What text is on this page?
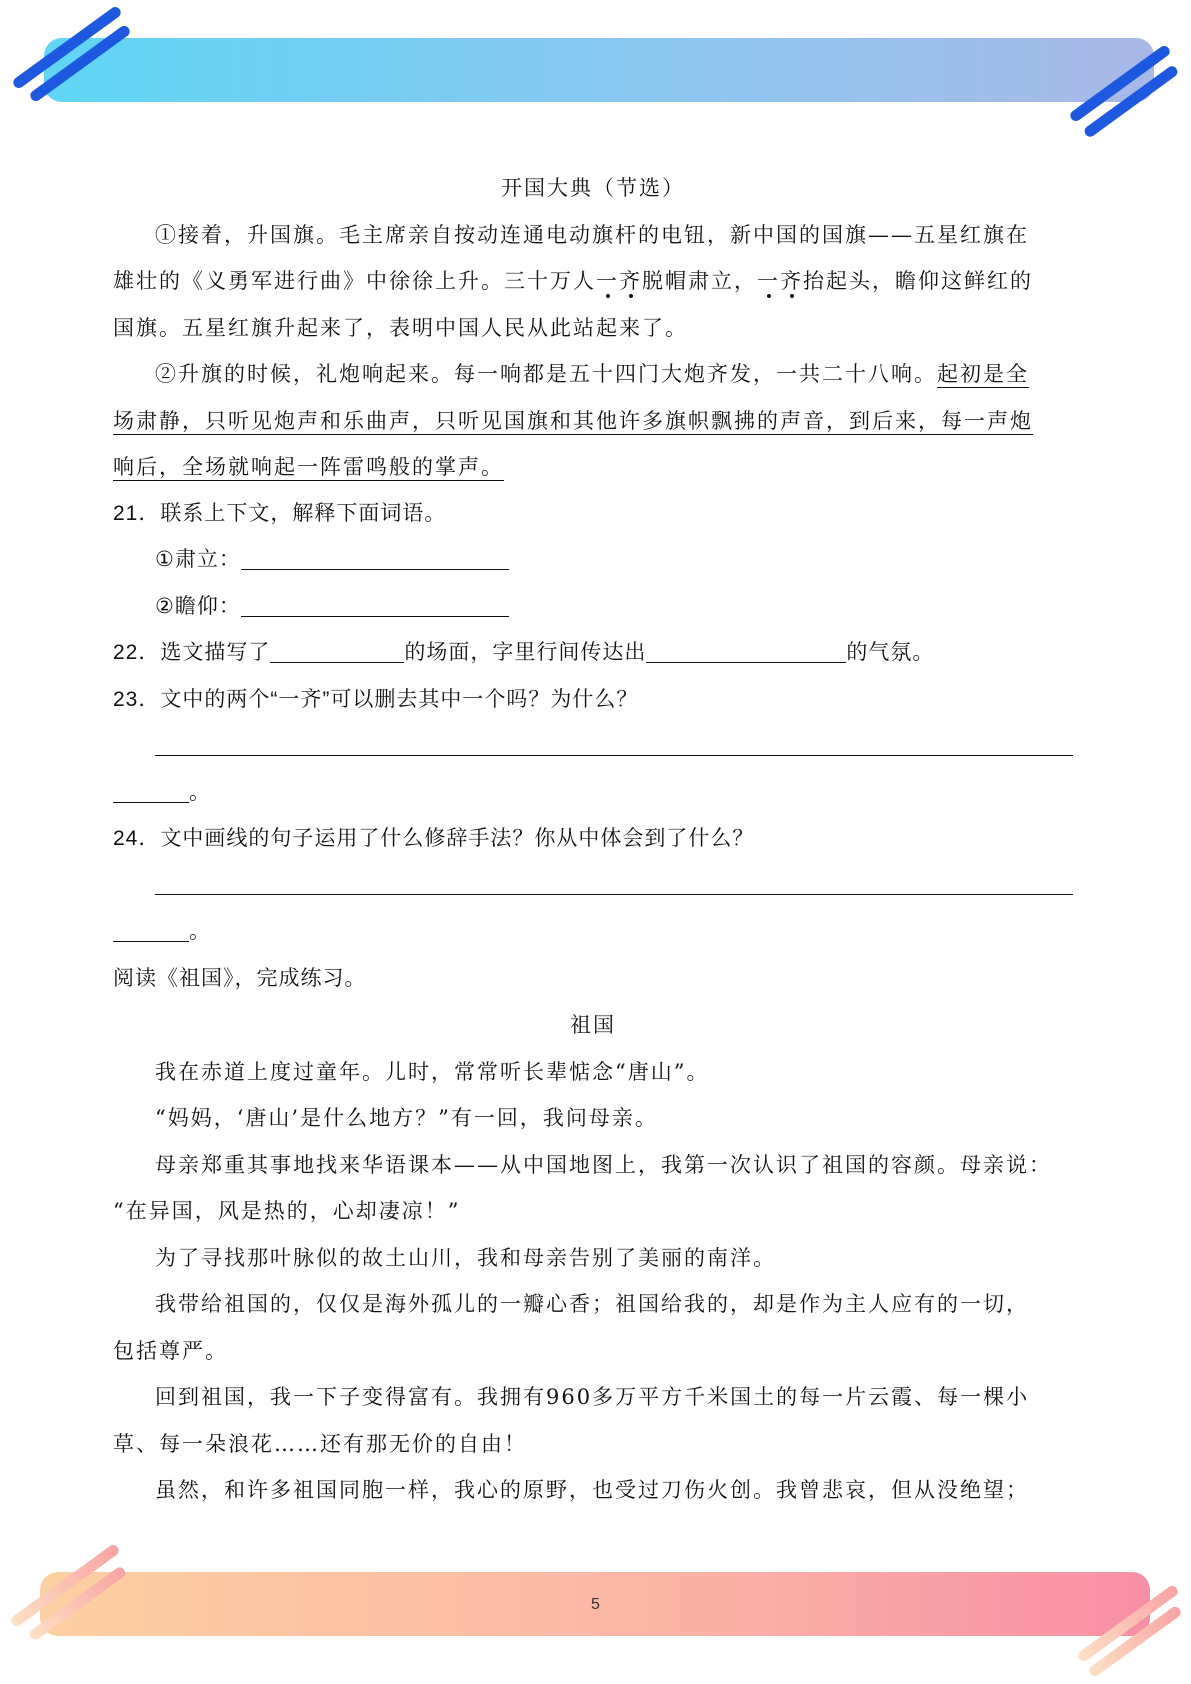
5
开国大典（节选）
①接着，升国旗。毛主席亲自按动连通电动旗杆的电钮，新中国的国旗——五星红旗在
雄壮的《义勇军进行曲》中徐徐上升。三十万人一齐脱帽肃立，一齐抬起头，瞻仰这鲜红的
国旗。五星红旗升起来了，表明中国人民从此站起来了。
②升旗的时候，礼炮响起来。每一响都是五十四门大炮齐发，一共二十八响。起初是全
场肃静，只听见炮声和乐曲声，只听见国旗和其他许多旗帜飘拂的声音，到后来，每一声炮
响后，全场就响起一阵雷鸣般的掌声。
21．联系上下文，解释下面词语。
①肃立：
②瞻仰：
22．选文描写了	的场面，字里行间传达出	的气氛。
23．文中的两个“一齐”可以删去其中一个吗？为什么？
。
24．文中画线的句子运用了什么修辞手法？你从中体会到了什么？
。
阅读《祖国》，完成练习。
祖国
我在赤道上度过童年。儿时，常常听长辈惦念“唐山”。
“妈妈，‘唐山’是什么地方？”有一回，我问母亲。
母亲郑重其事地找来华语课本——从中国地图上，我第一次认识了祖国的容颜。母亲说：
“在异国，风是热的，心却凄凉！”
为了寻找那叶脉似的故土山川，我和母亲告别了美丽的南洋。
我带给祖国的，仅仅是海外孤儿的一瓣心香；祖国给我的，却是作为主人应有的一切，
包括尊严。
回到祖国，我一下子变得富有。我拥有960多万平方千米国土的每一片云霞、每一棵小
草、每一朵浪花……还有那无价的自由！
虽然，和许多祖国同胞一样，我心的原野，也受过刀伤火创。我曾悲哀，但从没绝望；
